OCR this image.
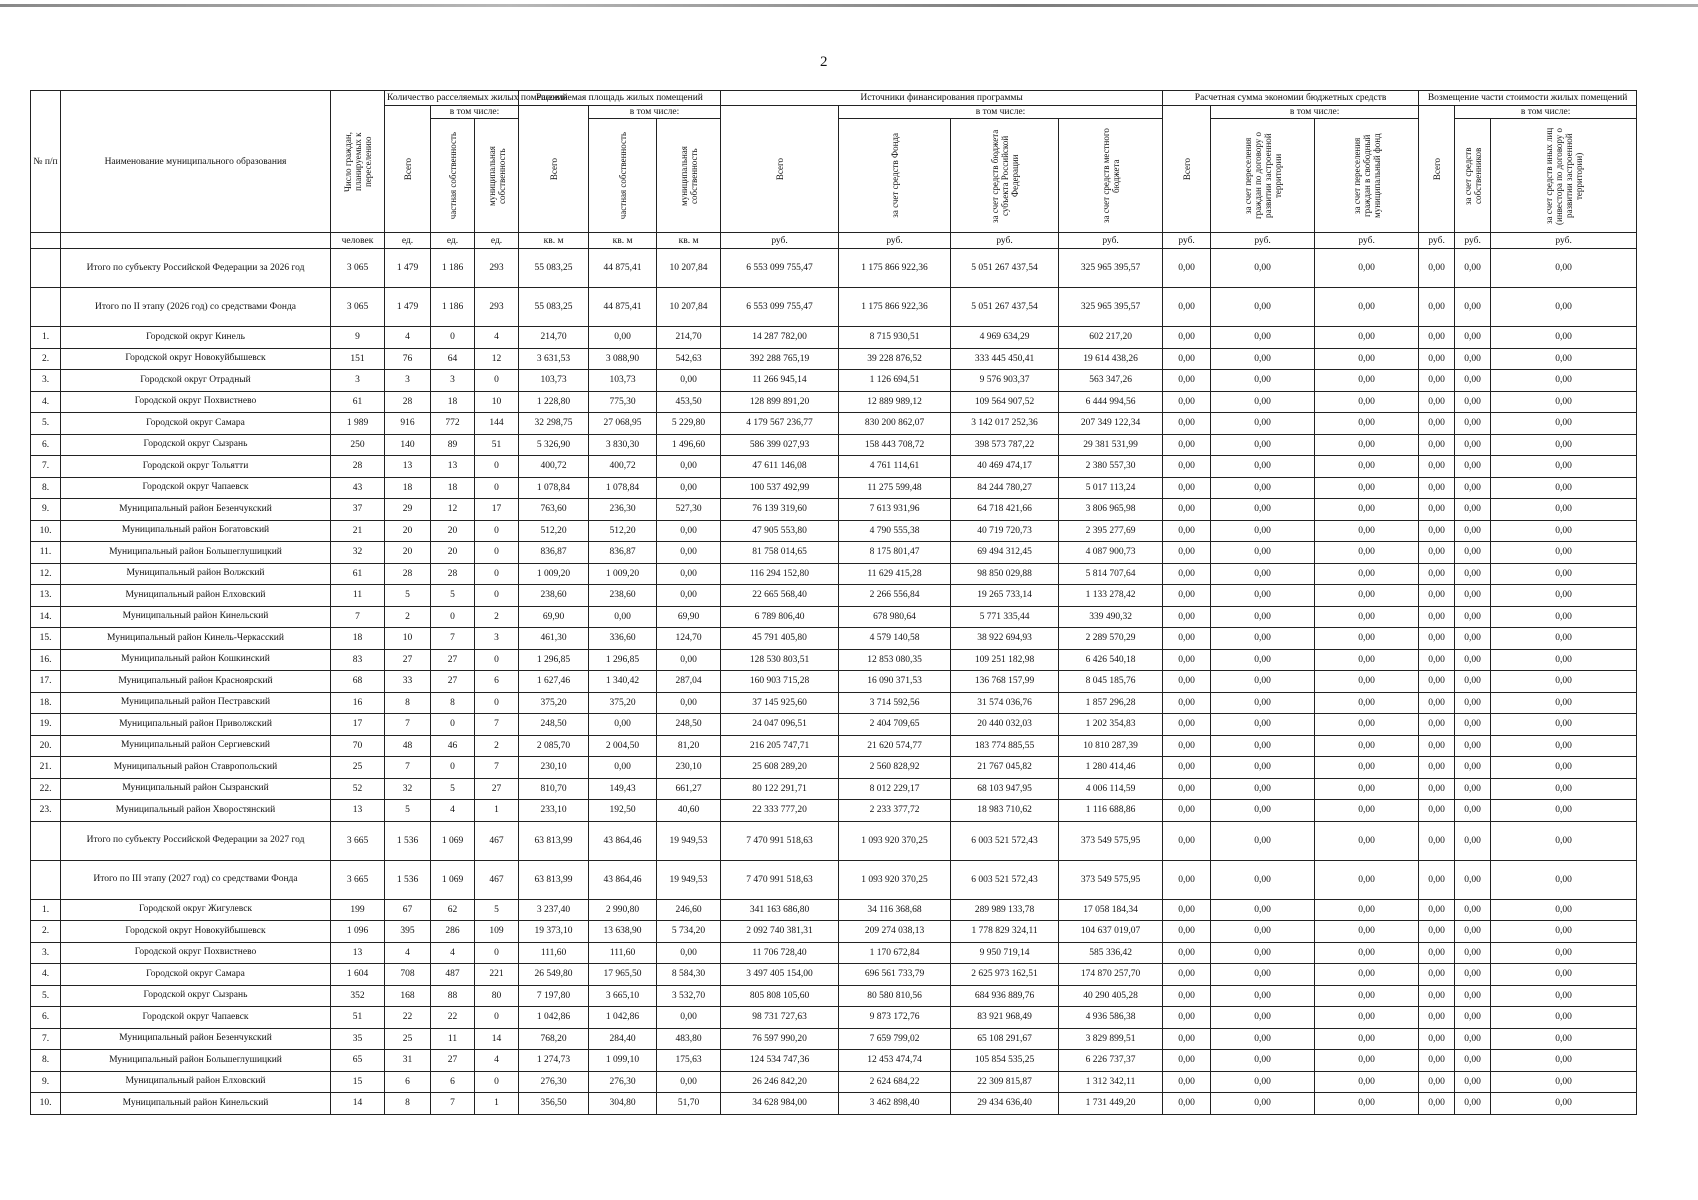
2
№ п/п	Наименование муниципального образования	Число граждан, планируемых к переселению	Количество расселяемых жилых помещений			Расселяемая площадь жилых помещений			Источники финансирования программы				Расчетная сумма экономии бюджетных средств			Возмещение части стоимости жилых помещений		

			Всего	в том числе:		Всего	в том числе:		Всего	в том числе:			Всего	в том числе:		Всего	в том числе:	

				частная собственность	муниципальная собственность		частная собственность	муниципальная собственность		за счет средств Фонда	за счет средств бюджета субъекта Российской Федерации	за счет средств местного бюджета		за счет переселения граждан по договору о развитии застроенной территории	за счет переселения граждан в свободный муниципальный фонд		за счет средств собственников	за счет средств иных лиц (инвестора по договору о развитии застроенной территории)

		человек	ед.	ед.	ед.	кв. м	кв. м	кв. м	руб.	руб.	руб.	руб.	руб.	руб.	руб.	руб.	руб.	руб.
	Итого по субъекту Российской Федерации за 2026 год	3 065	1 479	1 186	293	55 083,25	44 875,41	10 207,84	6 553 099 755,47	1 175 866 922,36	5 051 267 437,54	325 965 395,57	0,00	0,00	0,00	0,00	0,00	0,00
	Итого по II этапу (2026 год) со средствами Фонда	3 065	1 479	1 186	293	55 083,25	44 875,41	10 207,84	6 553 099 755,47	1 175 866 922,36	5 051 267 437,54	325 965 395,57	0,00	0,00	0,00	0,00	0,00	0,00
1.	Городской округ Кинель	9	4	0	4	214,70	0,00	214,70	14 287 782,00	8 715 930,51	4 969 634,29	602 217,20	0,00	0,00	0,00	0,00	0,00	0,00
2.	Городской округ Новокуйбышевск	151	76	64	12	3 631,53	3 088,90	542,63	392 288 765,19	39 228 876,52	333 445 450,41	19 614 438,26	0,00	0,00	0,00	0,00	0,00	0,00
3.	Городской округ Отрадный	3	3	3	0	103,73	103,73	0,00	11 266 945,14	1 126 694,51	9 576 903,37	563 347,26	0,00	0,00	0,00	0,00	0,00	0,00
4.	Городской округ Похвистнево	61	28	18	10	1 228,80	775,30	453,50	128 899 891,20	12 889 989,12	109 564 907,52	6 444 994,56	0,00	0,00	0,00	0,00	0,00	0,00
5.	Городской округ Самара	1 989	916	772	144	32 298,75	27 068,95	5 229,80	4 179 567 236,77	830 200 862,07	3 142 017 252,36	207 349 122,34	0,00	0,00	0,00	0,00	0,00	0,00
6.	Городской округ Сызрань	250	140	89	51	5 326,90	3 830,30	1 496,60	586 399 027,93	158 443 708,72	398 573 787,22	29 381 531,99	0,00	0,00	0,00	0,00	0,00	0,00
7.	Городской округ Тольятти	28	13	13	0	400,72	400,72	0,00	47 611 146,08	4 761 114,61	40 469 474,17	2 380 557,30	0,00	0,00	0,00	0,00	0,00	0,00
8.	Городской округ Чапаевск	43	18	18	0	1 078,84	1 078,84	0,00	100 537 492,99	11 275 599,48	84 244 780,27	5 017 113,24	0,00	0,00	0,00	0,00	0,00	0,00
9.	Муниципальный район Безенчукский	37	29	12	17	763,60	236,30	527,30	76 139 319,60	7 613 931,96	64 718 421,66	3 806 965,98	0,00	0,00	0,00	0,00	0,00	0,00
10.	Муниципальный район Богатовский	21	20	20	0	512,20	512,20	0,00	47 905 553,80	4 790 555,38	40 719 720,73	2 395 277,69	0,00	0,00	0,00	0,00	0,00	0,00
11.	Муниципальный район Большеглушицкий	32	20	20	0	836,87	836,87	0,00	81 758 014,65	8 175 801,47	69 494 312,45	4 087 900,73	0,00	0,00	0,00	0,00	0,00	0,00
12.	Муниципальный район Волжский	61	28	28	0	1 009,20	1 009,20	0,00	116 294 152,80	11 629 415,28	98 850 029,88	5 814 707,64	0,00	0,00	0,00	0,00	0,00	0,00
13.	Муниципальный район Елховский	11	5	5	0	238,60	238,60	0,00	22 665 568,40	2 266 556,84	19 265 733,14	1 133 278,42	0,00	0,00	0,00	0,00	0,00	0,00
14.	Муниципальный район Кинельский	7	2	0	2	69,90	0,00	69,90	6 789 806,40	678 980,64	5 771 335,44	339 490,32	0,00	0,00	0,00	0,00	0,00	0,00
15.	Муниципальный район Кинель-Черкасский	18	10	7	3	461,30	336,60	124,70	45 791 405,80	4 579 140,58	38 922 694,93	2 289 570,29	0,00	0,00	0,00	0,00	0,00	0,00
16.	Муниципальный район Кошкинский	83	27	27	0	1 296,85	1 296,85	0,00	128 530 803,51	12 853 080,35	109 251 182,98	6 426 540,18	0,00	0,00	0,00	0,00	0,00	0,00
17.	Муниципальный район Красноярский	68	33	27	6	1 627,46	1 340,42	287,04	160 903 715,28	16 090 371,53	136 768 157,99	8 045 185,76	0,00	0,00	0,00	0,00	0,00	0,00
18.	Муниципальный район Пестравский	16	8	8	0	375,20	375,20	0,00	37 145 925,60	3 714 592,56	31 574 036,76	1 857 296,28	0,00	0,00	0,00	0,00	0,00	0,00
19.	Муниципальный район Приволжский	17	7	0	7	248,50	0,00	248,50	24 047 096,51	2 404 709,65	20 440 032,03	1 202 354,83	0,00	0,00	0,00	0,00	0,00	0,00
20.	Муниципальный район Сергиевский	70	48	46	2	2 085,70	2 004,50	81,20	216 205 747,71	21 620 574,77	183 774 885,55	10 810 287,39	0,00	0,00	0,00	0,00	0,00	0,00
21.	Муниципальный район Ставропольский	25	7	0	7	230,10	0,00	230,10	25 608 289,20	2 560 828,92	21 767 045,82	1 280 414,46	0,00	0,00	0,00	0,00	0,00	0,00
22.	Муниципальный район Сызранский	52	32	5	27	810,70	149,43	661,27	80 122 291,71	8 012 229,17	68 103 947,95	4 006 114,59	0,00	0,00	0,00	0,00	0,00	0,00
23.	Муниципальный район Хворостянский	13	5	4	1	233,10	192,50	40,60	22 333 777,20	2 233 377,72	18 983 710,62	1 116 688,86	0,00	0,00	0,00	0,00	0,00	0,00
	Итого по субъекту Российской Федерации за 2027 год	3 665	1 536	1 069	467	63 813,99	43 864,46	19 949,53	7 470 991 518,63	1 093 920 370,25	6 003 521 572,43	373 549 575,95	0,00	0,00	0,00	0,00	0,00	0,00
	Итого по III этапу (2027 год) со средствами Фонда	3 665	1 536	1 069	467	63 813,99	43 864,46	19 949,53	7 470 991 518,63	1 093 920 370,25	6 003 521 572,43	373 549 575,95	0,00	0,00	0,00	0,00	0,00	0,00
1.	Городской округ Жигулевск	199	67	62	5	3 237,40	2 990,80	246,60	341 163 686,80	34 116 368,68	289 989 133,78	17 058 184,34	0,00	0,00	0,00	0,00	0,00	0,00
2.	Городской округ Новокуйбышевск	1 096	395	286	109	19 373,10	13 638,90	5 734,20	2 092 740 381,31	209 274 038,13	1 778 829 324,11	104 637 019,07	0,00	0,00	0,00	0,00	0,00	0,00
3.	Городской округ Похвистнево	13	4	4	0	111,60	111,60	0,00	11 706 728,40	1 170 672,84	9 950 719,14	585 336,42	0,00	0,00	0,00	0,00	0,00	0,00
4.	Городской округ Самара	1 604	708	487	221	26 549,80	17 965,50	8 584,30	3 497 405 154,00	696 561 733,79	2 625 973 162,51	174 870 257,70	0,00	0,00	0,00	0,00	0,00	0,00
5.	Городской округ Сызрань	352	168	88	80	7 197,80	3 665,10	3 532,70	805 808 105,60	80 580 810,56	684 936 889,76	40 290 405,28	0,00	0,00	0,00	0,00	0,00	0,00
6.	Городской округ Чапаевск	51	22	22	0	1 042,86	1 042,86	0,00	98 731 727,63	9 873 172,76	83 921 968,49	4 936 586,38	0,00	0,00	0,00	0,00	0,00	0,00
7.	Муниципальный район Безенчукский	35	25	11	14	768,20	284,40	483,80	76 597 990,20	7 659 799,02	65 108 291,67	3 829 899,51	0,00	0,00	0,00	0,00	0,00	0,00
8.	Муниципальный район Большеглушицкий	65	31	27	4	1 274,73	1 099,10	175,63	124 534 747,36	12 453 474,74	105 854 535,25	6 226 737,37	0,00	0,00	0,00	0,00	0,00	0,00
9.	Муниципальный район Елховский	15	6	6	0	276,30	276,30	0,00	26 246 842,20	2 624 684,22	22 309 815,87	1 312 342,11	0,00	0,00	0,00	0,00	0,00	0,00
10.	Муниципальный район Кинельский	14	8	7	1	356,50	304,80	51,70	34 628 984,00	3 462 898,40	29 434 636,40	1 731 449,20	0,00	0,00	0,00	0,00	0,00	0,00
